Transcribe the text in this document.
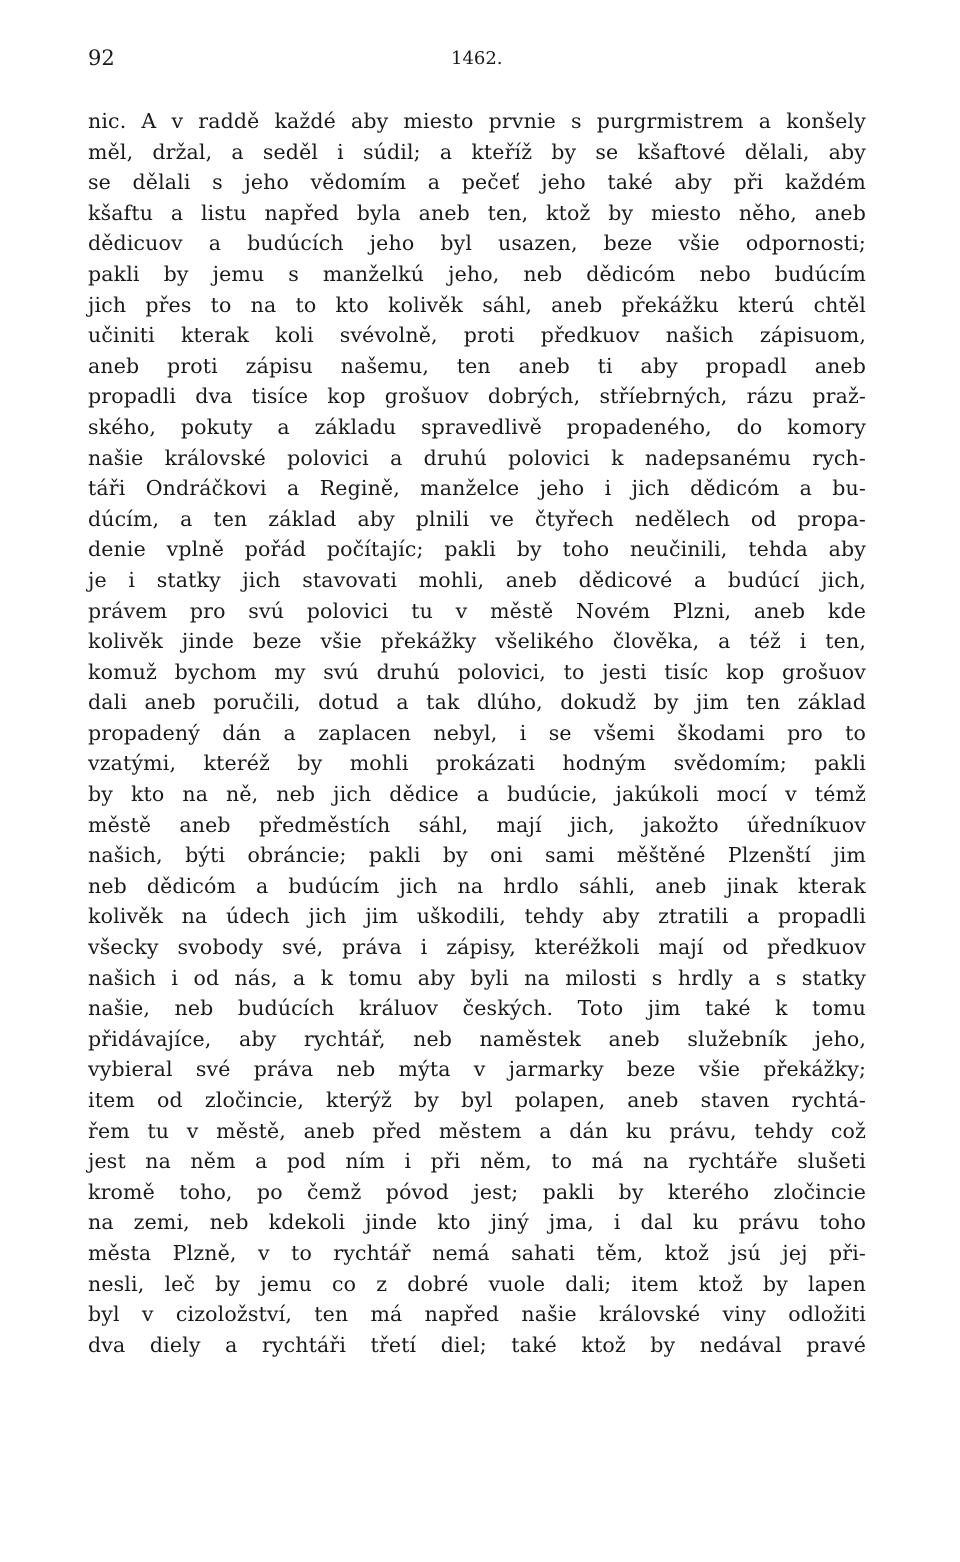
92	1462.
nic. A v raddě každé aby miesto prvnie s purgrmistrem a konšely
měl, držal, a seděl i súdil; a kteříž by se kšaftové dělali, aby
se dělali s jeho vědomím a pečeť jeho také aby při každém
kšaftu a listu napřed byla aneb ten, ktož by miesto něho, aneb
dědicuov a budúcích jeho byl usazen, beze všie odpornosti;
pakli by jemu s manželkú jeho, neb dědicóm nebo budúcím
jich přes to na to kto kolivěk sáhl, aneb překážku kterú chtěl
učiniti kterak koli svévolně, proti předkuov našich zápisuom,
aneb proti zápisu našemu, ten aneb ti aby propadl aneb
propadli dva tisíce kop grošuov dobrých, stříebrných, rázu praž-
ského, pokuty a základu spravedlivě propadeného, do komory
našie královské polovici a druhú polovici k nadepsanému rych-
táři Ondráčkovi a Regině, manželce jeho i jich dědicóm a bu-
dúcím, a ten základ aby plnili ve čtyřech nedělech od propa-
denie vplně pořád počítajíc; pakli by toho neučinili, tehda aby
je i statky jich stavovati mohli, aneb dědicové a budúcí jich,
právem pro svú polovici tu v městě Novém Plzni, aneb kde
kolivěk jinde beze všie překážky všelikého člověka, a též i ten,
komuž bychom my svú druhú polovici, to jesti tisíc kop grošuov
dali aneb poručili, dotud a tak dlúho, dokudž by jim ten základ
propadený dán a zaplacen nebyl, i se všemi škodami pro to
vzatými, kteréž by mohli prokázati hodným svědomím; pakli
by kto na ně, neb jich dědice a budúcie, jakúkoli mocí v témž
městě aneb předměstích sáhl, mají jich, jakožto úředníkuov
našich, býti obráncie; pakli by oni sami měštěné Plzenští jim
neb dědicóm a budúcím jich na hrdlo sáhli, aneb jinak kterak
kolivěk na údech jich jim uškodili, tehdy aby ztratili a propadli
všecky svobody své, práva i zápisy, kteréžkoli mají od předkuov
našich i od nás, a k tomu aby byli na milosti s hrdly a s statky
našie, neb budúcích králuov českých. Toto jim také k tomu
přidávajíce, aby rychtář, neb naměstek aneb služebník jeho,
vybieral své práva neb mýta v jarmarky beze všie překážky;
item od zločincie, kterýž by byl polapen, aneb staven rychtá-
řem tu v městě, aneb před městem a dán ku právu, tehdy což
jest na něm a pod ním i při něm, to má na rychtáře slušeti
kromě toho, po čemž póvod jest; pakli by kterého zločincie
na zemi, neb kdekoli jinde kto jiný jma, i dal ku právu toho
města Plzně, v to rychtář nemá sahati těm, ktož jsú jej při-
nesli, leč by jemu co z dobré vuole dali; item ktož by lapen
byl v cizoložství, ten má napřed našie královské viny odložiti
dva diely a rychtáři třetí diel; také ktož by nedával pravé
